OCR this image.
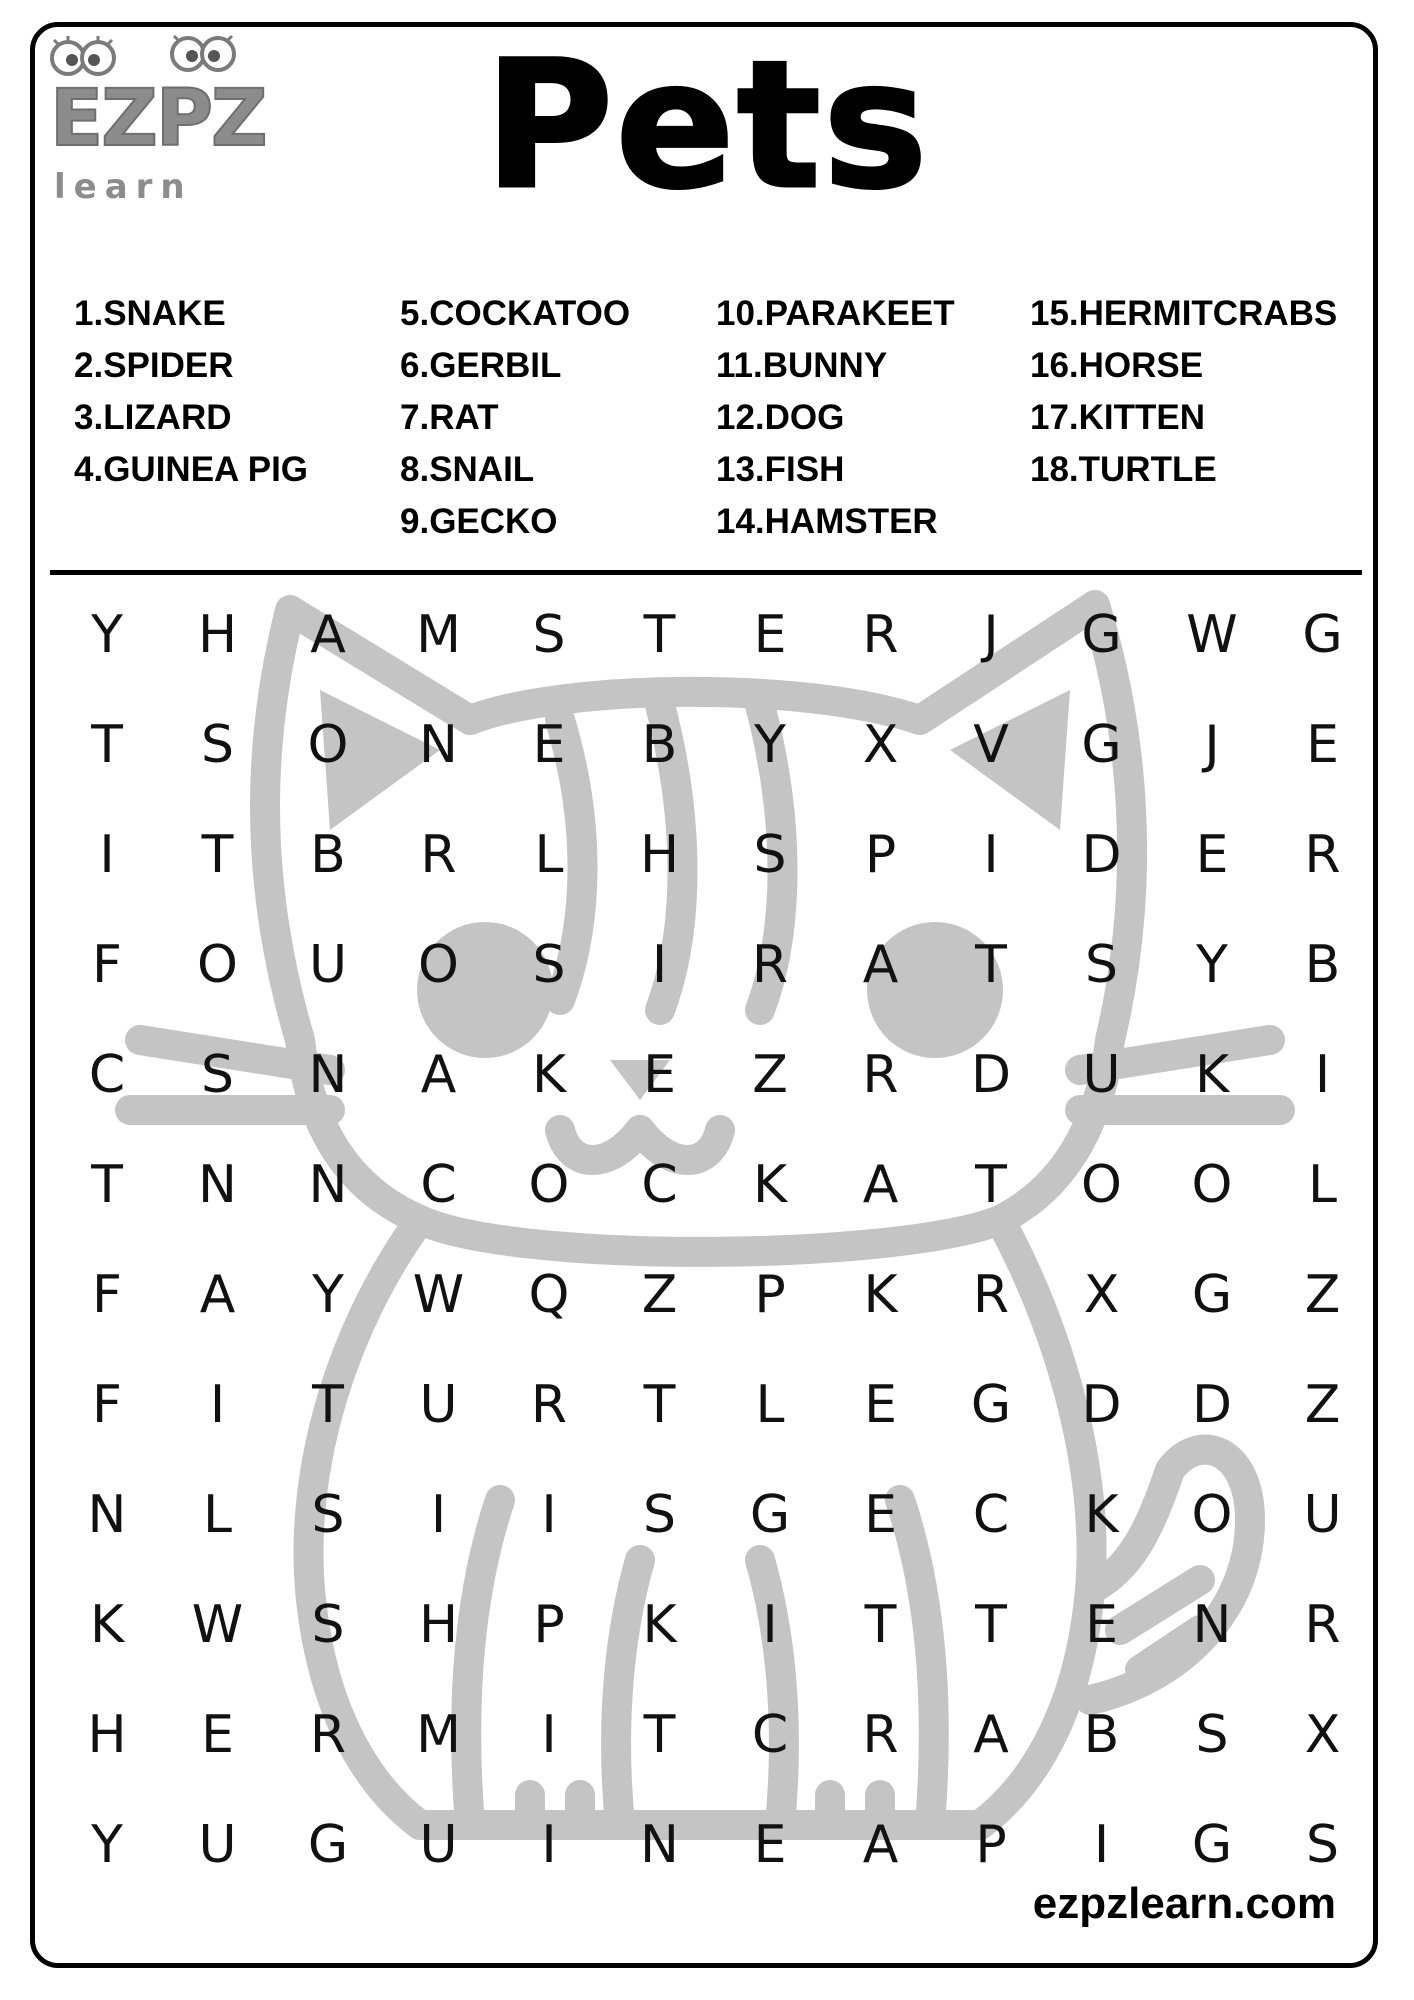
EZPZ
learn	Pets
1.SNAKE
2.SPIDER
3.LIZARD
4.GUINEA PIG
5.COCKATOO
6.GERBIL
7.RAT
8.SNAIL
9.GECKO
10.PARAKEET
11.BUNNY
12.DOG
13.FISH
14.HAMSTER
15.HERMITCRABS
16.HORSE
17.KITTEN
18.TURTLE
Y	H	A	M	S	T	E	R	J	G	W	G
T	S	O	N	E	B	Y	X	V	G	J	E
I	T	B	R	L	H	S	P	I	D	E	R
F	O	U	O	S	I	R	A	T	S	Y	B
C	S	N	A	K	E	Z	R	D	U	K	I
T	N	N	C	O	C	K	A	T	O	O	L
F	A	Y	W	Q	Z	P	K	R	X	G	Z
F	I	T	U	R	T	L	E	G	D	D	Z
N	L	S	I	I	S	G	E	C	K	O	U
K	W	S	H	P	K	I	T	T	E	N	R
H	E	R	M	I	T	C	R	A	B	S	X
Y	U	G	U	I	N	E	A	P	I	G	S
ezpzlearn.com
